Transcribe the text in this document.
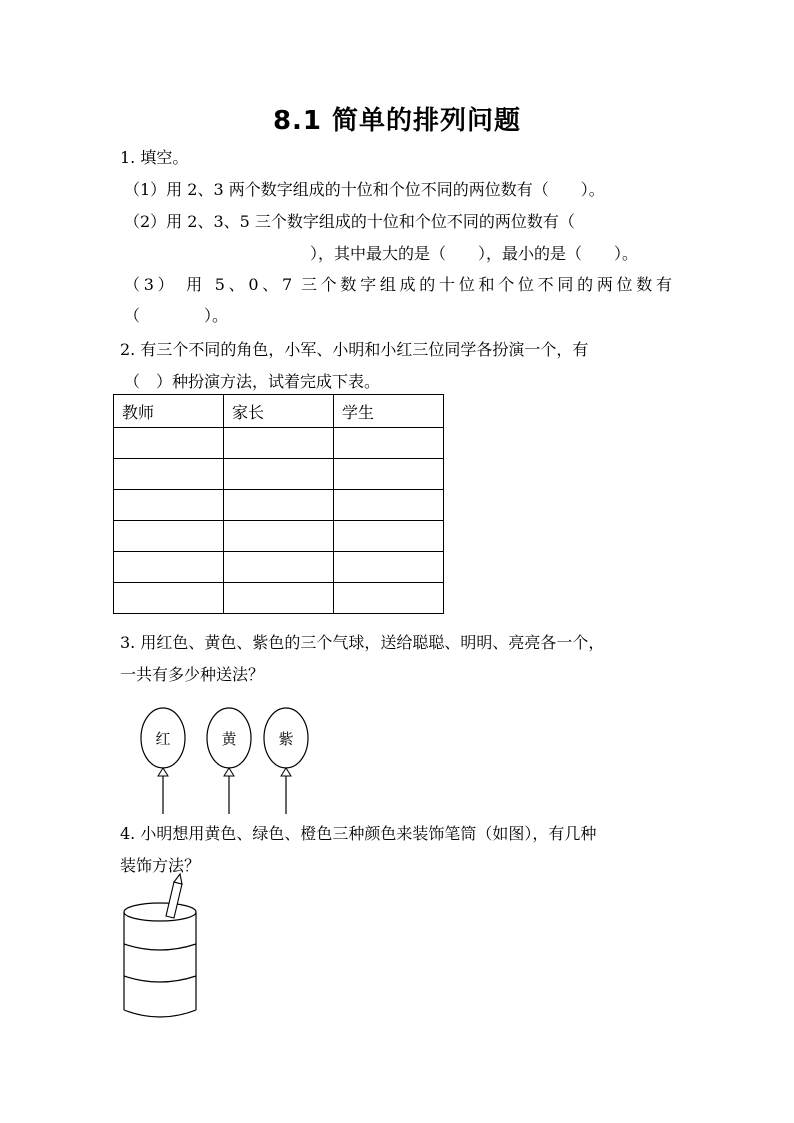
8.1 简单的排列问题
1. 填空。
（1）用 2、3 两个数字组成的十位和个位不同的两位数有（　　）。
（2）用 2、3、5 三个数字组成的十位和个位不同的两位数有（
），其中最大的是（　　），最小的是（　　）。
（3） 用 5、0、7 三个数字组成的十位和个位不同的两位数有
（　　　　）。
2. 有三个不同的角色，小军、小明和小红三位同学各扮演一个，有
（　）种扮演方法，试着完成下表。
教师	家长	学生

3. 用红色、黄色、紫色的三个气球，送给聪聪、明明、亮亮各一个，
一共有多少种送法？
红	黄	紫
4. 小明想用黄色、绿色、橙色三种颜色来装饰笔筒（如图），有几种
装饰方法？
